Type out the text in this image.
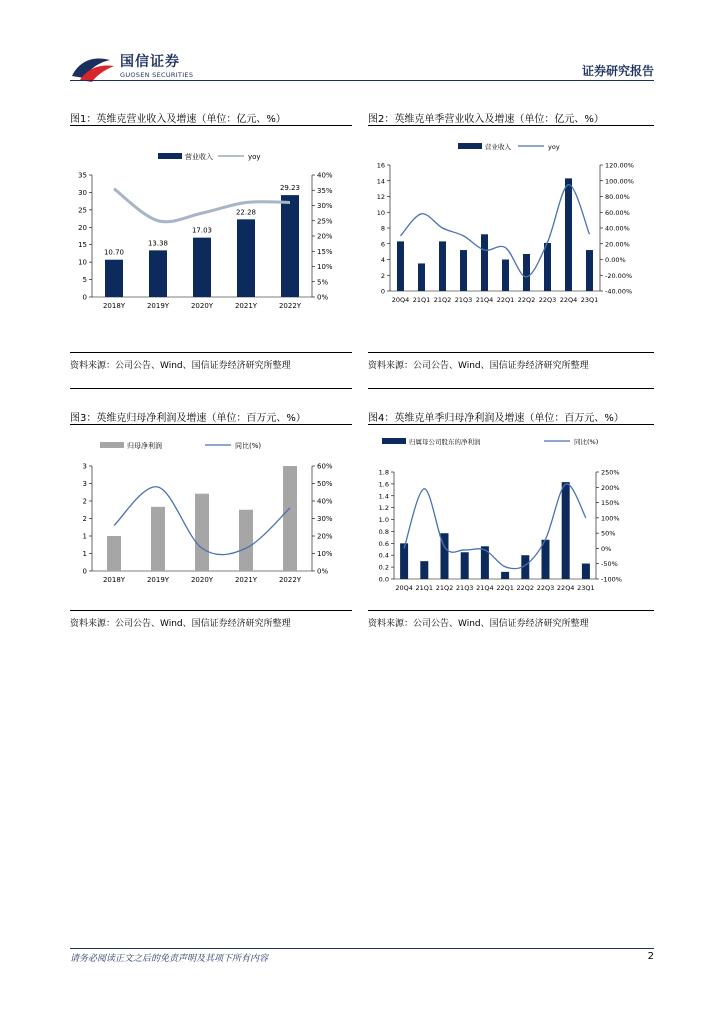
国信证券
GUOSEN SECURITIES	证券研究报告
图1：英维克营业收入及增速（单位：亿元、%）
0
5
10
15
20
25
30
35
0%
5%
10%
15%
20%
25%
30%
35%
40%
10.70
13.38
17.03
22.28
29.23
2018Y	2019Y	2020Y	2021Y	2022Y
营业收入	yoy
资料来源：公司公告、Wind、国信证券经济研究所整理
图2：英维克单季营业收入及增速（单位：亿元、%）
0
2
4
6
8
10
12
14
16
-40.00%
-20.00%
0.00%
20.00%
40.00%
60.00%
80.00%
100.00%
120.00%
20Q4 21Q1 21Q2 21Q3 21Q4 22Q1 22Q2 22Q3 22Q4 23Q1
营业收入	yoy
资料来源：公司公告、Wind、国信证券经济研究所整理
图3：英维克归母净利润及增速（单位：百万元、%）
0
1
1
2
2
3
3
0%
10%
20%
30%
40%
50%
60%
2018Y	2019Y	2020Y	2021Y	2022Y
归母净利润	同比(%)
资料来源：公司公告、Wind、国信证券经济研究所整理
图4：英维克单季归母净利润及增速（单位：百万元、%）
0.0
0.2
0.4
0.6
0.8
1.0
1.2
1.4
1.6
1.8
-100%
-50%
0%
50%
100%
150%
200%
250%
20Q4 21Q1 21Q2 21Q3 21Q4 22Q1 22Q2 22Q3 22Q4 23Q1
归属母公司股东的净利润	同比(%)
资料来源：公司公告、Wind、国信证券经济研究所整理
请务必阅读正文之后的免责声明及其项下所有内容	2
